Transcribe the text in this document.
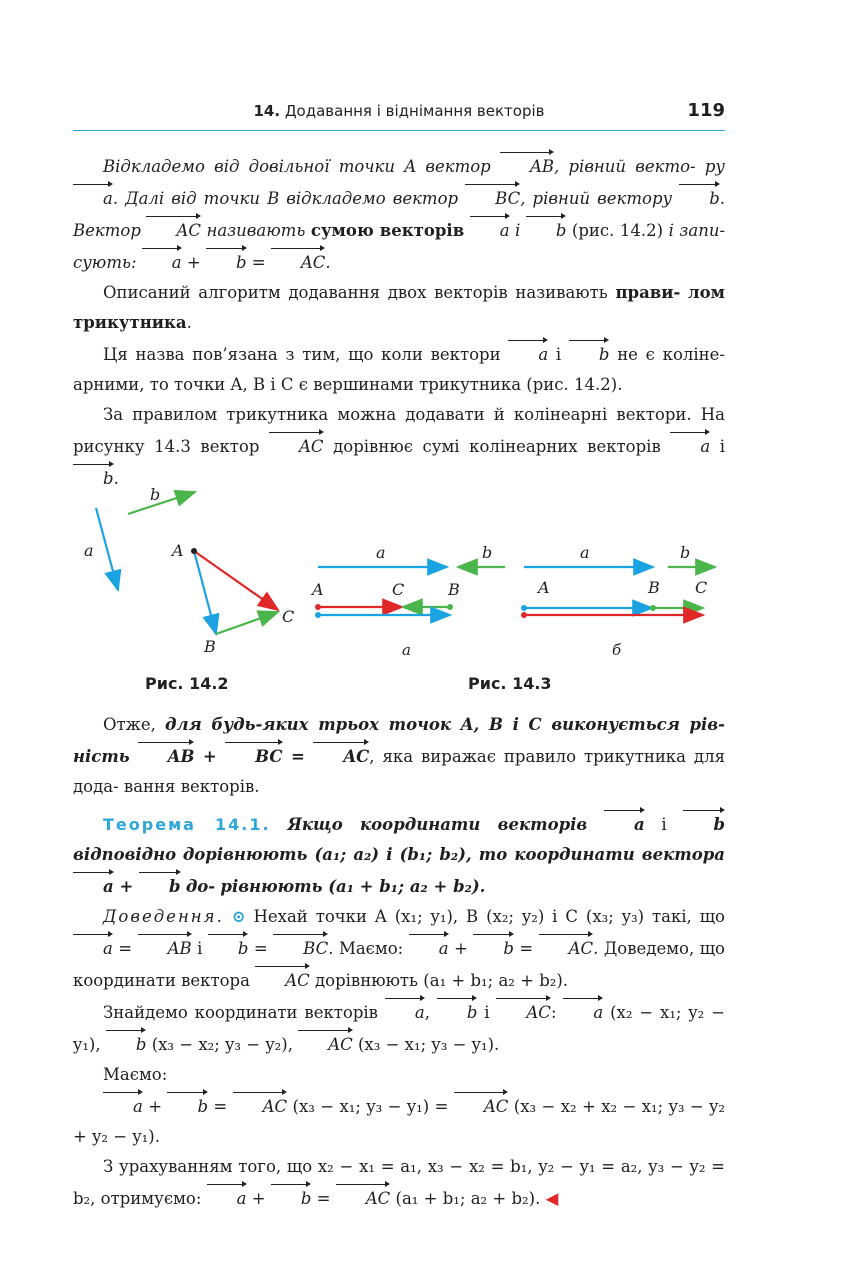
14. Додавання і віднімання векторів	119

Відкладемо від довільної точки A вектор AB, рівний векто- ру a. Далі від точки B відкладемо вектор BC, рівний вектору b. Вектор AC називають сумою векторів a і b (рис. 14.2) і запи- сують: a + b = AC.

Описаний алгоритм додавання двох векторів називають прави- лом трикутника.

Ця назва пов’язана з тим, що коли вектори a і b не є коліне- арними, то точки A, B і C є вершинами трикутника (рис. 14.2).

За правилом трикутника можна додавати й колінеарні вектори. На рисунку 14.3 вектор AC дорівнює сумі колінеарних векторів a і b.

a
b
A
B
C
Рис. 14.2
a	b
A	C	B
a
a	b
A	B C
б
Рис. 14.3

Отже, для будь-яких трьох точок A, B і C виконується рів- ність AB + BC = AC, яка виражає правило трикутника для дода- вання векторів.

Теорема 14.1. Якщо координати векторів	a і b відповідно дорівнюють (a₁; a₂) і (b₁; b₂), то координати вектора a + b до- рівнюють (a₁ + b₁; a₂ + b₂).

Доведення. ⊙ Нехай точки A (x₁; y₁), B (x₂; y₂) і C (x₃; y₃) такі, що a = AB і b = BC. Маємо: a + b = AC. Доведемо, що координати вектора AC дорівнюють (a₁ + b₁; a₂ + b₂).

Знайдемо координати векторів a, b і AC: a (x₂ − x₁; y₂ − y₁), b (x₃ − x₂; y₃ − y₂), AC (x₃ − x₁; y₃ − y₁).

Маємо:

a + b = AC (x₃ − x₁; y₃ − y₁) = AC (x₃ − x₂ + x₂ − x₁; y₃ − y₂ + y₂ − y₁).

З урахуванням того, що x₂ − x₁ = a₁, x₃ − x₂ = b₁, y₂ − y₁ = a₂, y₃ − y₂ = b₂, отримуємо: a + b = AC (a₁ + b₁; a₂ + b₂). ◀
